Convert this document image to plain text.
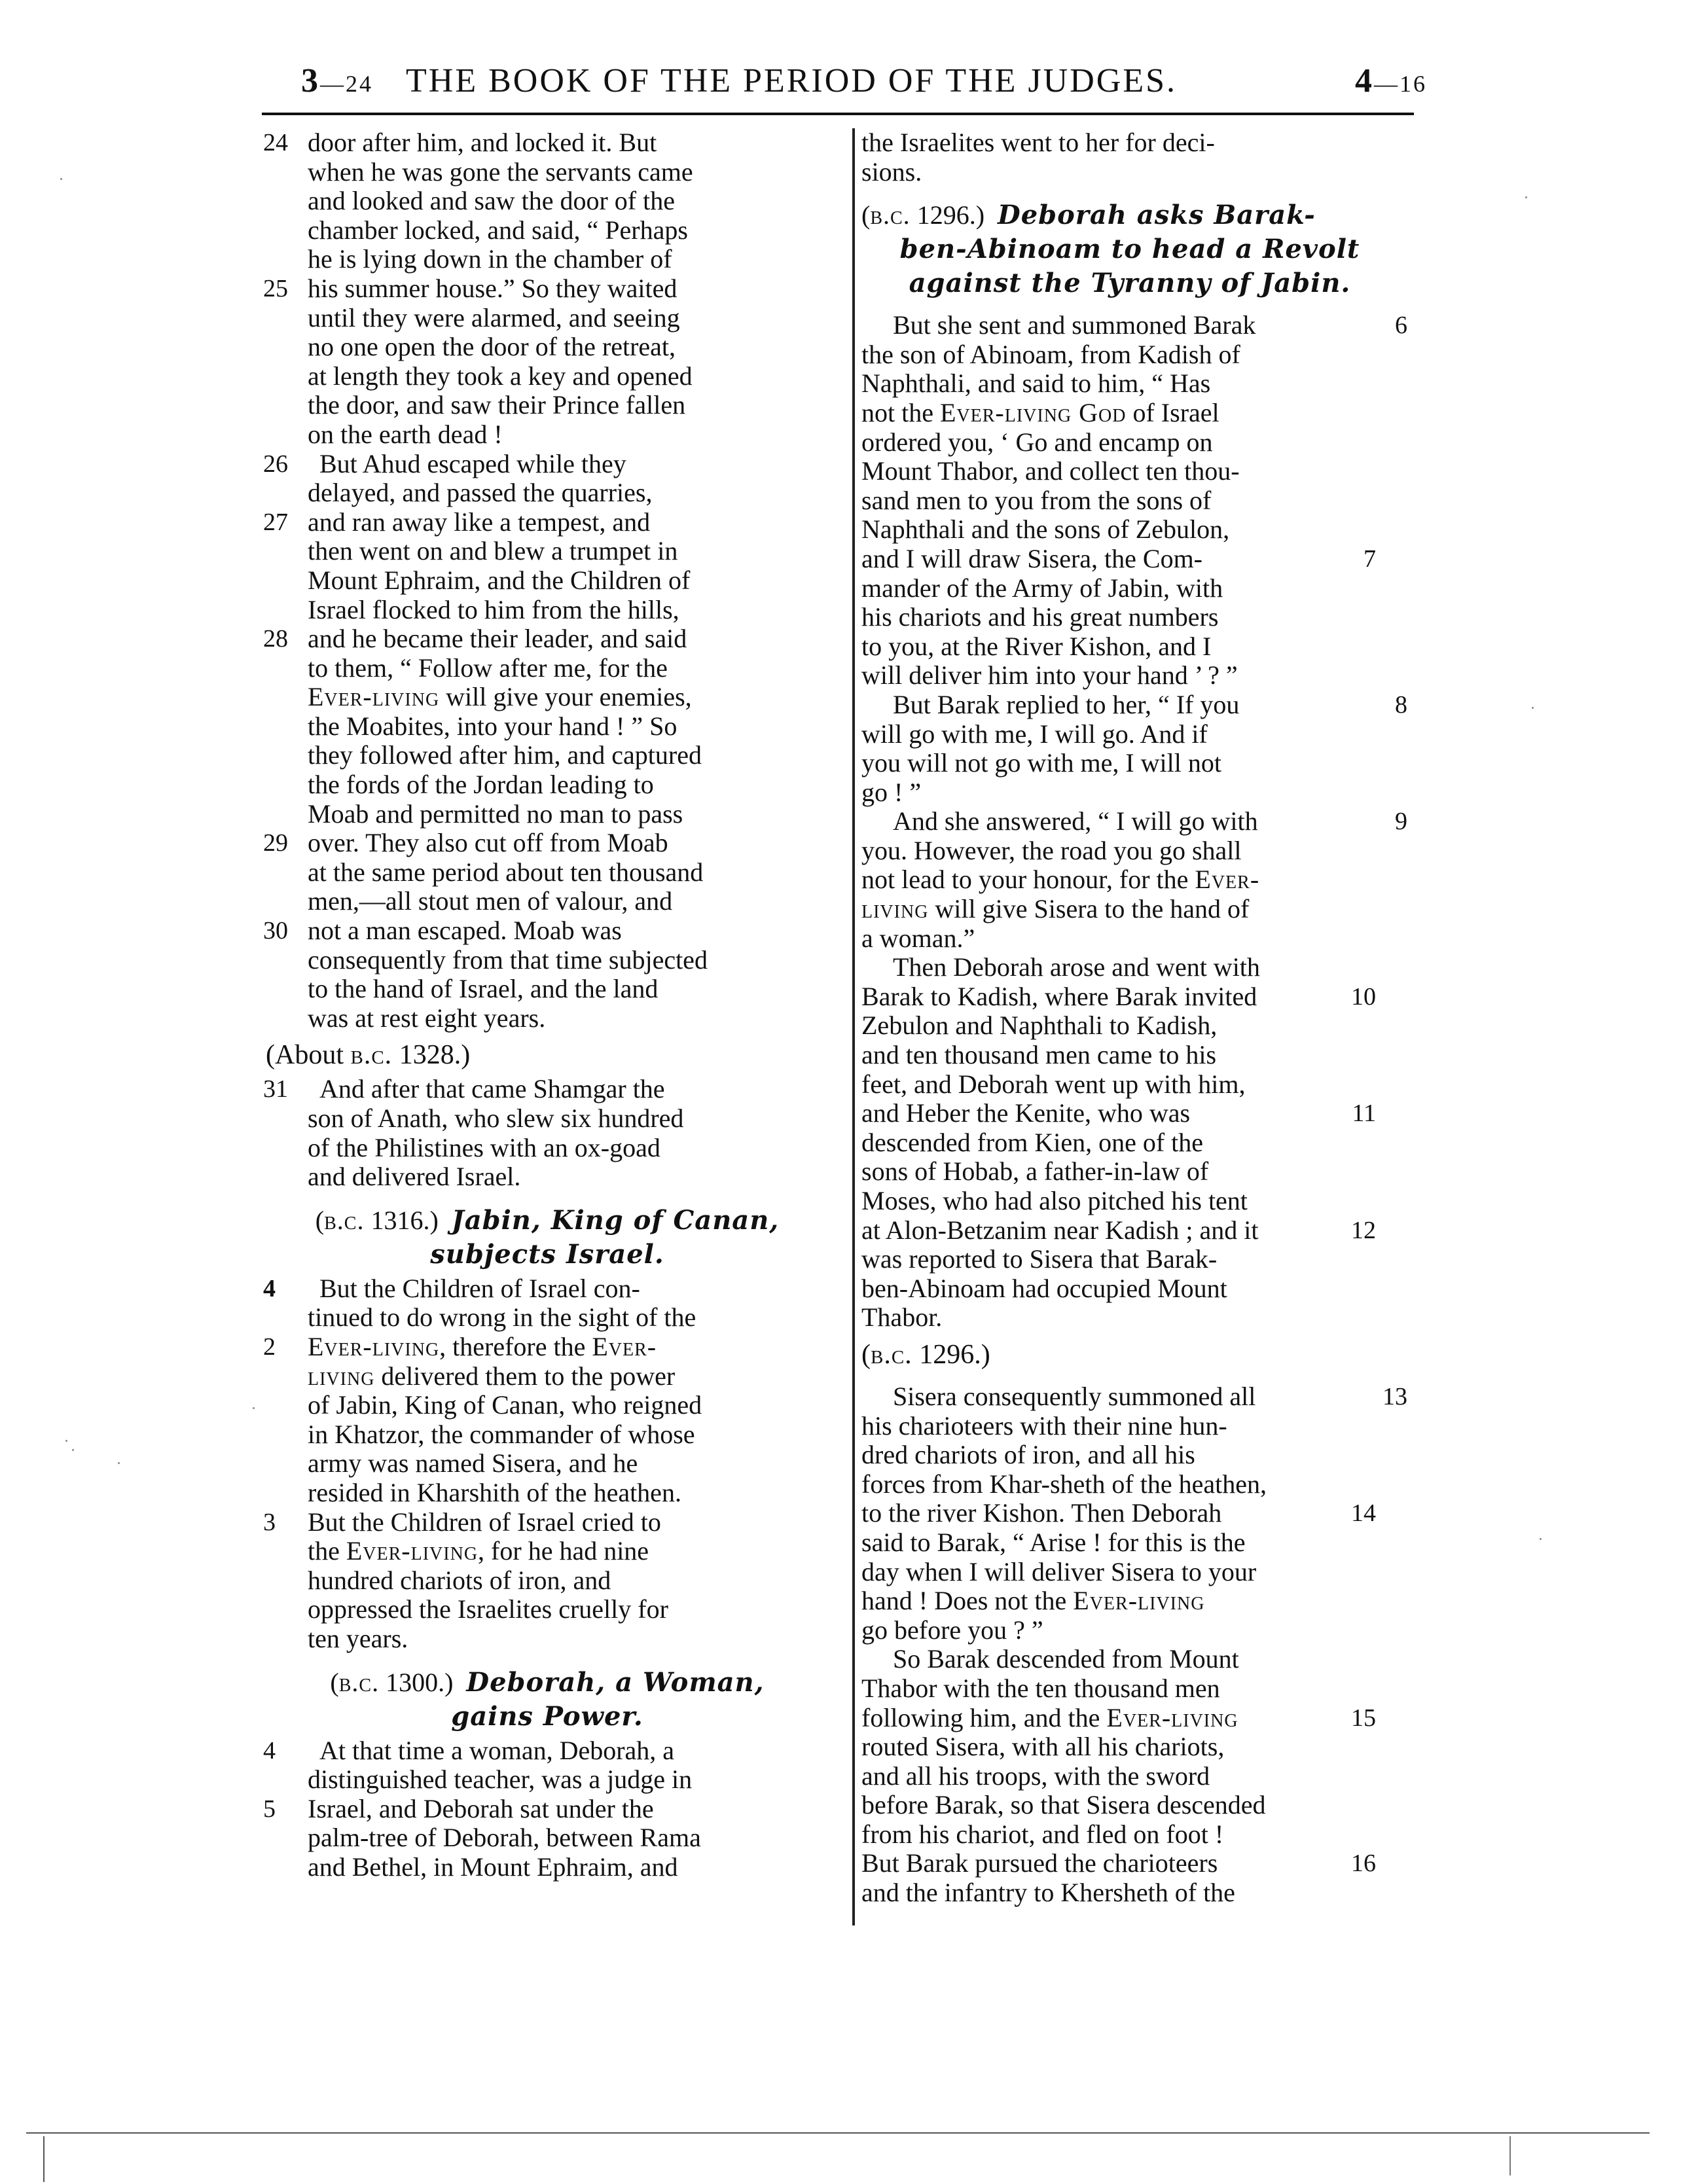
3—24 THE BOOK OF THE PERIOD OF THE JUDGES.	4—16
24 door after him, and locked it. But
when he was gone the servants came
and looked and saw the door of the
chamber locked, and said, “ Perhaps
he is lying down in the chamber of
25 his summer house.” So they waited
until they were alarmed, and seeing
no one open the door of the retreat,
at length they took a key and opened
the door, and saw their Prince fallen
on the earth dead !
26 But Ahud escaped while they
delayed, and passed the quarries,
27 and ran away like a tempest, and
then went on and blew a trumpet in
Mount Ephraim, and the Children of
Israel flocked to him from the hills,
28 and he became their leader, and said
to them, “ Follow after me, for the
Ever-living will give your enemies,
the Moabites, into your hand ! ” So
they followed after him, and captured
the fords of the Jordan leading to
Moab and permitted no man to pass
29 over. They also cut off from Moab
at the same period about ten thousand
men,—all stout men of valour, and
30 not a man escaped. Moab was
consequently from that time subjected
to the hand of Israel, and the land
was at rest eight years.
(About b.c. 1328.)
31 And after that came Shamgar the
son of Anath, who slew six hundred
of the Philistines with an ox-goad
and delivered Israel.
(b.c. 1316.) Jabin, King of Canan,
subjects Israel.
4 But the Children of Israel con-
tinued to do wrong in the sight of the
2 Ever-living, therefore the Ever-
living delivered them to the power
of Jabin, King of Canan, who reigned
in Khatzor, the commander of whose
army was named Sisera, and he
resided in Kharshith of the heathen.
3 But the Children of Israel cried to
the Ever-living, for he had nine
hundred chariots of iron, and
oppressed the Israelites cruelly for
ten years.
(b.c. 1300.) Deborah, a Woman,
gains Power.
4 At that time a woman, Deborah, a
distinguished teacher, was a judge in
5 Israel, and Deborah sat under the
palm-tree of Deborah, between Rama
and Bethel, in Mount Ephraim, and
the Israelites went to her for deci-
sions.
(b.c. 1296.) Deborah asks Barak-
ben-Abinoam to head a Revolt
against the Tyranny of Jabin.
But she sent and summoned Barak	6
the son of Abinoam, from Kadish of
Naphthali, and said to him, “ Has
not the Ever-living God of Israel
ordered you, ‘ Go and encamp on
Mount Thabor, and collect ten thou-
sand men to you from the sons of
Naphthali and the sons of Zebulon,
and I will draw Sisera, the Com-	7
mander of the Army of Jabin, with
his chariots and his great numbers
to you, at the River Kishon, and I
will deliver him into your hand ’ ? ”
But Barak replied to her, “ If you	8
will go with me, I will go. And if
you will not go with me, I will not
go ! ”
And she answered, “ I will go with	9
you. However, the road you go shall
not lead to your honour, for the Ever-
living will give Sisera to the hand of
a woman.”
Then Deborah arose and went with
Barak to Kadish, where Barak invited	10
Zebulon and Naphthali to Kadish,
and ten thousand men came to his
feet, and Deborah went up with him,
and Heber the Kenite, who was	11
descended from Kien, one of the
sons of Hobab, a father-in-law of
Moses, who had also pitched his tent
at Alon-Betzanim near Kadish ; and it	12
was reported to Sisera that Barak-
ben-Abinoam had occupied Mount
Thabor.
(b.c. 1296.)
Sisera consequently summoned all	13
his charioteers with their nine hun-
dred chariots of iron, and all his
forces from Khar-sheth of the heathen,
to the river Kishon. Then Deborah	14
said to Barak, “ Arise ! for this is the
day when I will deliver Sisera to your
hand ! Does not the Ever-living
go before you ? ”
So Barak descended from Mount
Thabor with the ten thousand men
following him, and the Ever-living	15
routed Sisera, with all his chariots,
and all his troops, with the sword
before Barak, so that Sisera descended
from his chariot, and fled on foot !
But Barak pursued the charioteers	16
and the infantry to Khersheth of the
